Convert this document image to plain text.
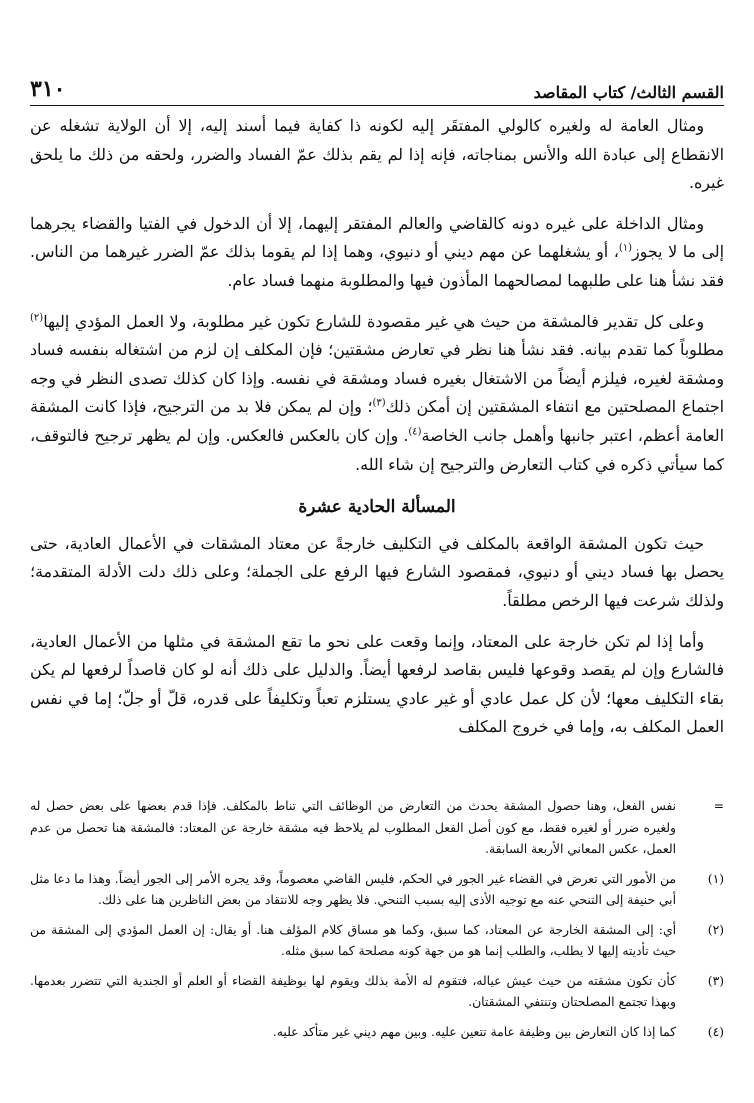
القسم الثالث/ كتاب المقاصد
٣١٠

ومثال العامة له ولغيره كالولي المفتقَر إليه لكونه ذا كفاية فيما أسند إليه، إلا أن الولاية تشغله عن الانقطاع إلى عبادة الله والأنس بمناجاته، فإنه إذا لم يقم بذلك عمّ الفساد والضرر، ولحقه من ذلك ما يلحق غيره.

ومثال الداخلة على غيره دونه كالقاضي والعالم المفتقر إليهما، إلا أن الدخول في الفتيا والقضاء يجرهما إلى ما لا يجوز$^{(١)}$، أو يشغلهما عن مهم ديني أو دنيوي، وهما إذا لم يقوما بذلك عمّ الضرر غيرهما من الناس. فقد نشأ هنا على طلبهما لمصالحهما المأذون فيها والمطلوبة منهما فساد عام.

وعلى كل تقدير فالمشقة من حيث هي غير مقصودة للشارع تكون غير مطلوبة، ولا العمل المؤدي إليها$^{(٢)}$ مطلوباً كما تقدم بيانه. فقد نشأ هنا نظر في تعارض مشقتين؛ فإن المكلف إن لزم من اشتغاله بنفسه فساد ومشقة لغيره، فيلزم أيضاً من الاشتغال بغيره فساد ومشقة في نفسه. وإذا كان كذلك تصدى النظر في وجه اجتماع المصلحتين مع انتفاء المشقتين إن أمكن ذلك$^{(٣)}$؛ وإن لم يمكن فلا بد من الترجيح، فإذا كانت المشقة العامة أعظم، اعتبر جانبها وأهمل جانب الخاصة$^{(٤)}$. وإن كان بالعكس فالعكس. وإن لم يظهر ترجيح فالتوقف، كما سيأتي ذكره في كتاب التعارض والترجيح إن شاء الله.

المسألة الحادية عشرة

حيث تكون المشقة الواقعة بالمكلف في التكليف خارجةً عن معتاد المشقات في الأعمال العادية، حتى يحصل بها فساد ديني أو دنيوي، فمقصود الشارع فيها الرفع على الجملة؛ وعلى ذلك دلت الأدلة المتقدمة؛ ولذلك شرعت فيها الرخص مطلقاً.

وأما إذا لم تكن خارجة على المعتاد، وإنما وقعت على نحو ما تقع المشقة في مثلها من الأعمال العادية، فالشارع وإن لم يقصد وقوعها فليس بقاصد لرفعها أيضاً. والدليل على ذلك أنه لو كان قاصداً لرفعها لم يكن بقاء التكليف معها؛ لأن كل عمل عادي أو غير عادي يستلزم تعباً وتكليفاً على قدره، قلّ أو جلّ؛ إما في نفس العمل المكلف به، وإما في خروج المكلف

=
نفس الفعل، وهنا حصول المشقة يحدث من التعارض من الوظائف التي تناط بالمكلف. فإذا قدم بعضها على بعض حصل له ولغيره ضرر أو لغيره فقط، مع كون أصل الفعل المطلوب لم يلاحظ فيه مشقة خارجة عن المعتاد: فالمشقة هنا تحصل من عدم العمل، عكس المعاني الأربعة السابقة.
(١)
من الأمور التي تعرض في القضاء غير الجور في الحكم، فليس القاضي معصوماً، وقد يجره الأمر إلى الجور أيضاً. وهذا ما دعا مثل أبي حنيفة إلى التنحي عنه مع توجيه الأذى إليه بسبب التنحي. فلا يظهر وجه للانتقاد من بعض الناظرين هنا على ذلك.
(٢)
أي: إلى المشقة الخارجة عن المعتاد، كما سبق، وكما هو مساق كلام المؤلف هنا. أو يقال: إن العمل المؤدي إلى المشقة من حيث تأديته إليها لا يطلب، والطلب إنما هو من جهة كونه مصلحة كما سبق مثله.
(٣)
كأن تكون مشقته من حيث عيش عياله، فتقوم له الأمة بذلك ويقوم لها بوظيفة القضاء أو العلم أو الجندية التي تتضرر بعدمها. وبهذا تجتمع المصلحتان وتنتفي المشقتان.
(٤)
كما إذا كان التعارض بين وظيفة عامة تتعين عليه. وبين مهم ديني غير متأكد عليه.
